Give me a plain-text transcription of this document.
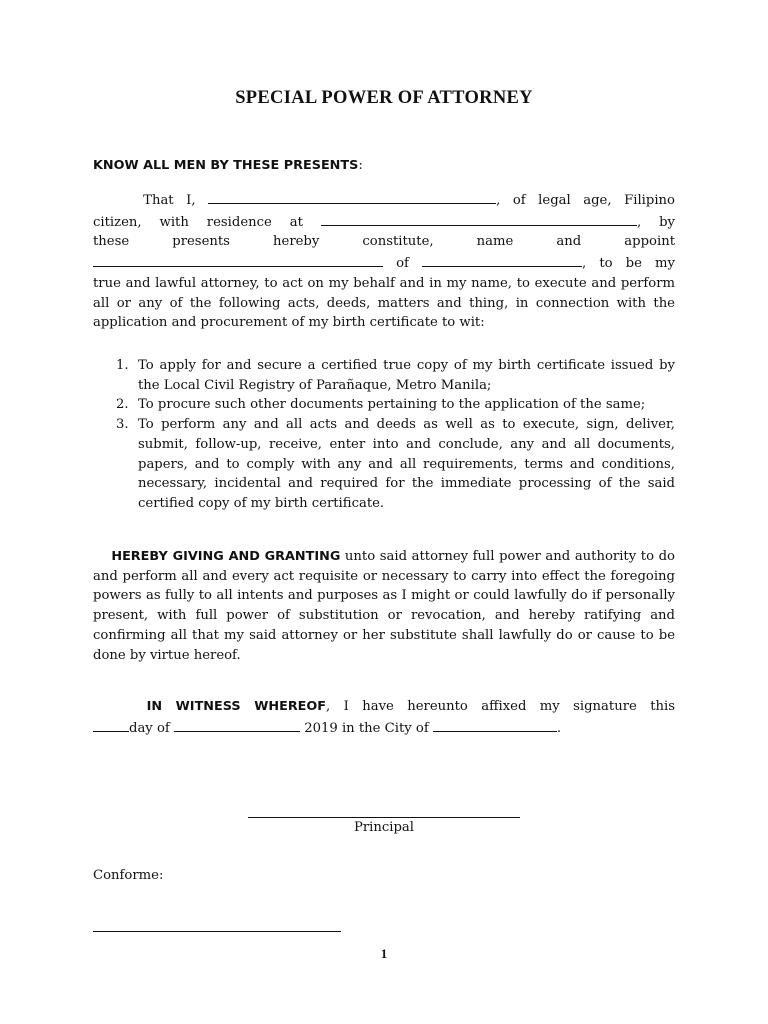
SPECIAL POWER OF ATTORNEY

KNOW ALL MEN BY THESE PRESENTS:

That I,	, of legal age, Filipino
citizen, with residence at	, by
these presents hereby constitute, name and appoint
of	, to be my
true and lawful attorney, to act on my behalf and in my name, to execute and perform all or any of the following acts, deeds, matters and thing, in connection with the application and procurement of my birth certificate to wit:
1. To apply for and secure a certified true copy of my birth certificate issued by the Local Civil Registry of Parañaque, Metro Manila;
2. To procure such other documents pertaining to the application of the same;
3. To perform any and all acts and deeds as well as to execute, sign, deliver, submit, follow-up, receive, enter into and conclude, any and all documents, papers, and to comply with any and all requirements, terms and conditions, necessary, incidental and required for the immediate processing of the said certified copy of my birth certificate.

HEREBY GIVING AND GRANTING unto said attorney full power and authority to do and perform all and every act requisite or necessary to carry into effect the foregoing powers as fully to all intents and purposes as I might or could lawfully do if personally present, with full power of substitution or revocation, and hereby ratifying and confirming all that my said attorney or her substitute shall lawfully do or cause to be done by virtue hereof.

IN WITNESS WHEREOF, I have hereunto affixed my signature this
day of	2019 in the City of	.
Principal
Conforme:
1
